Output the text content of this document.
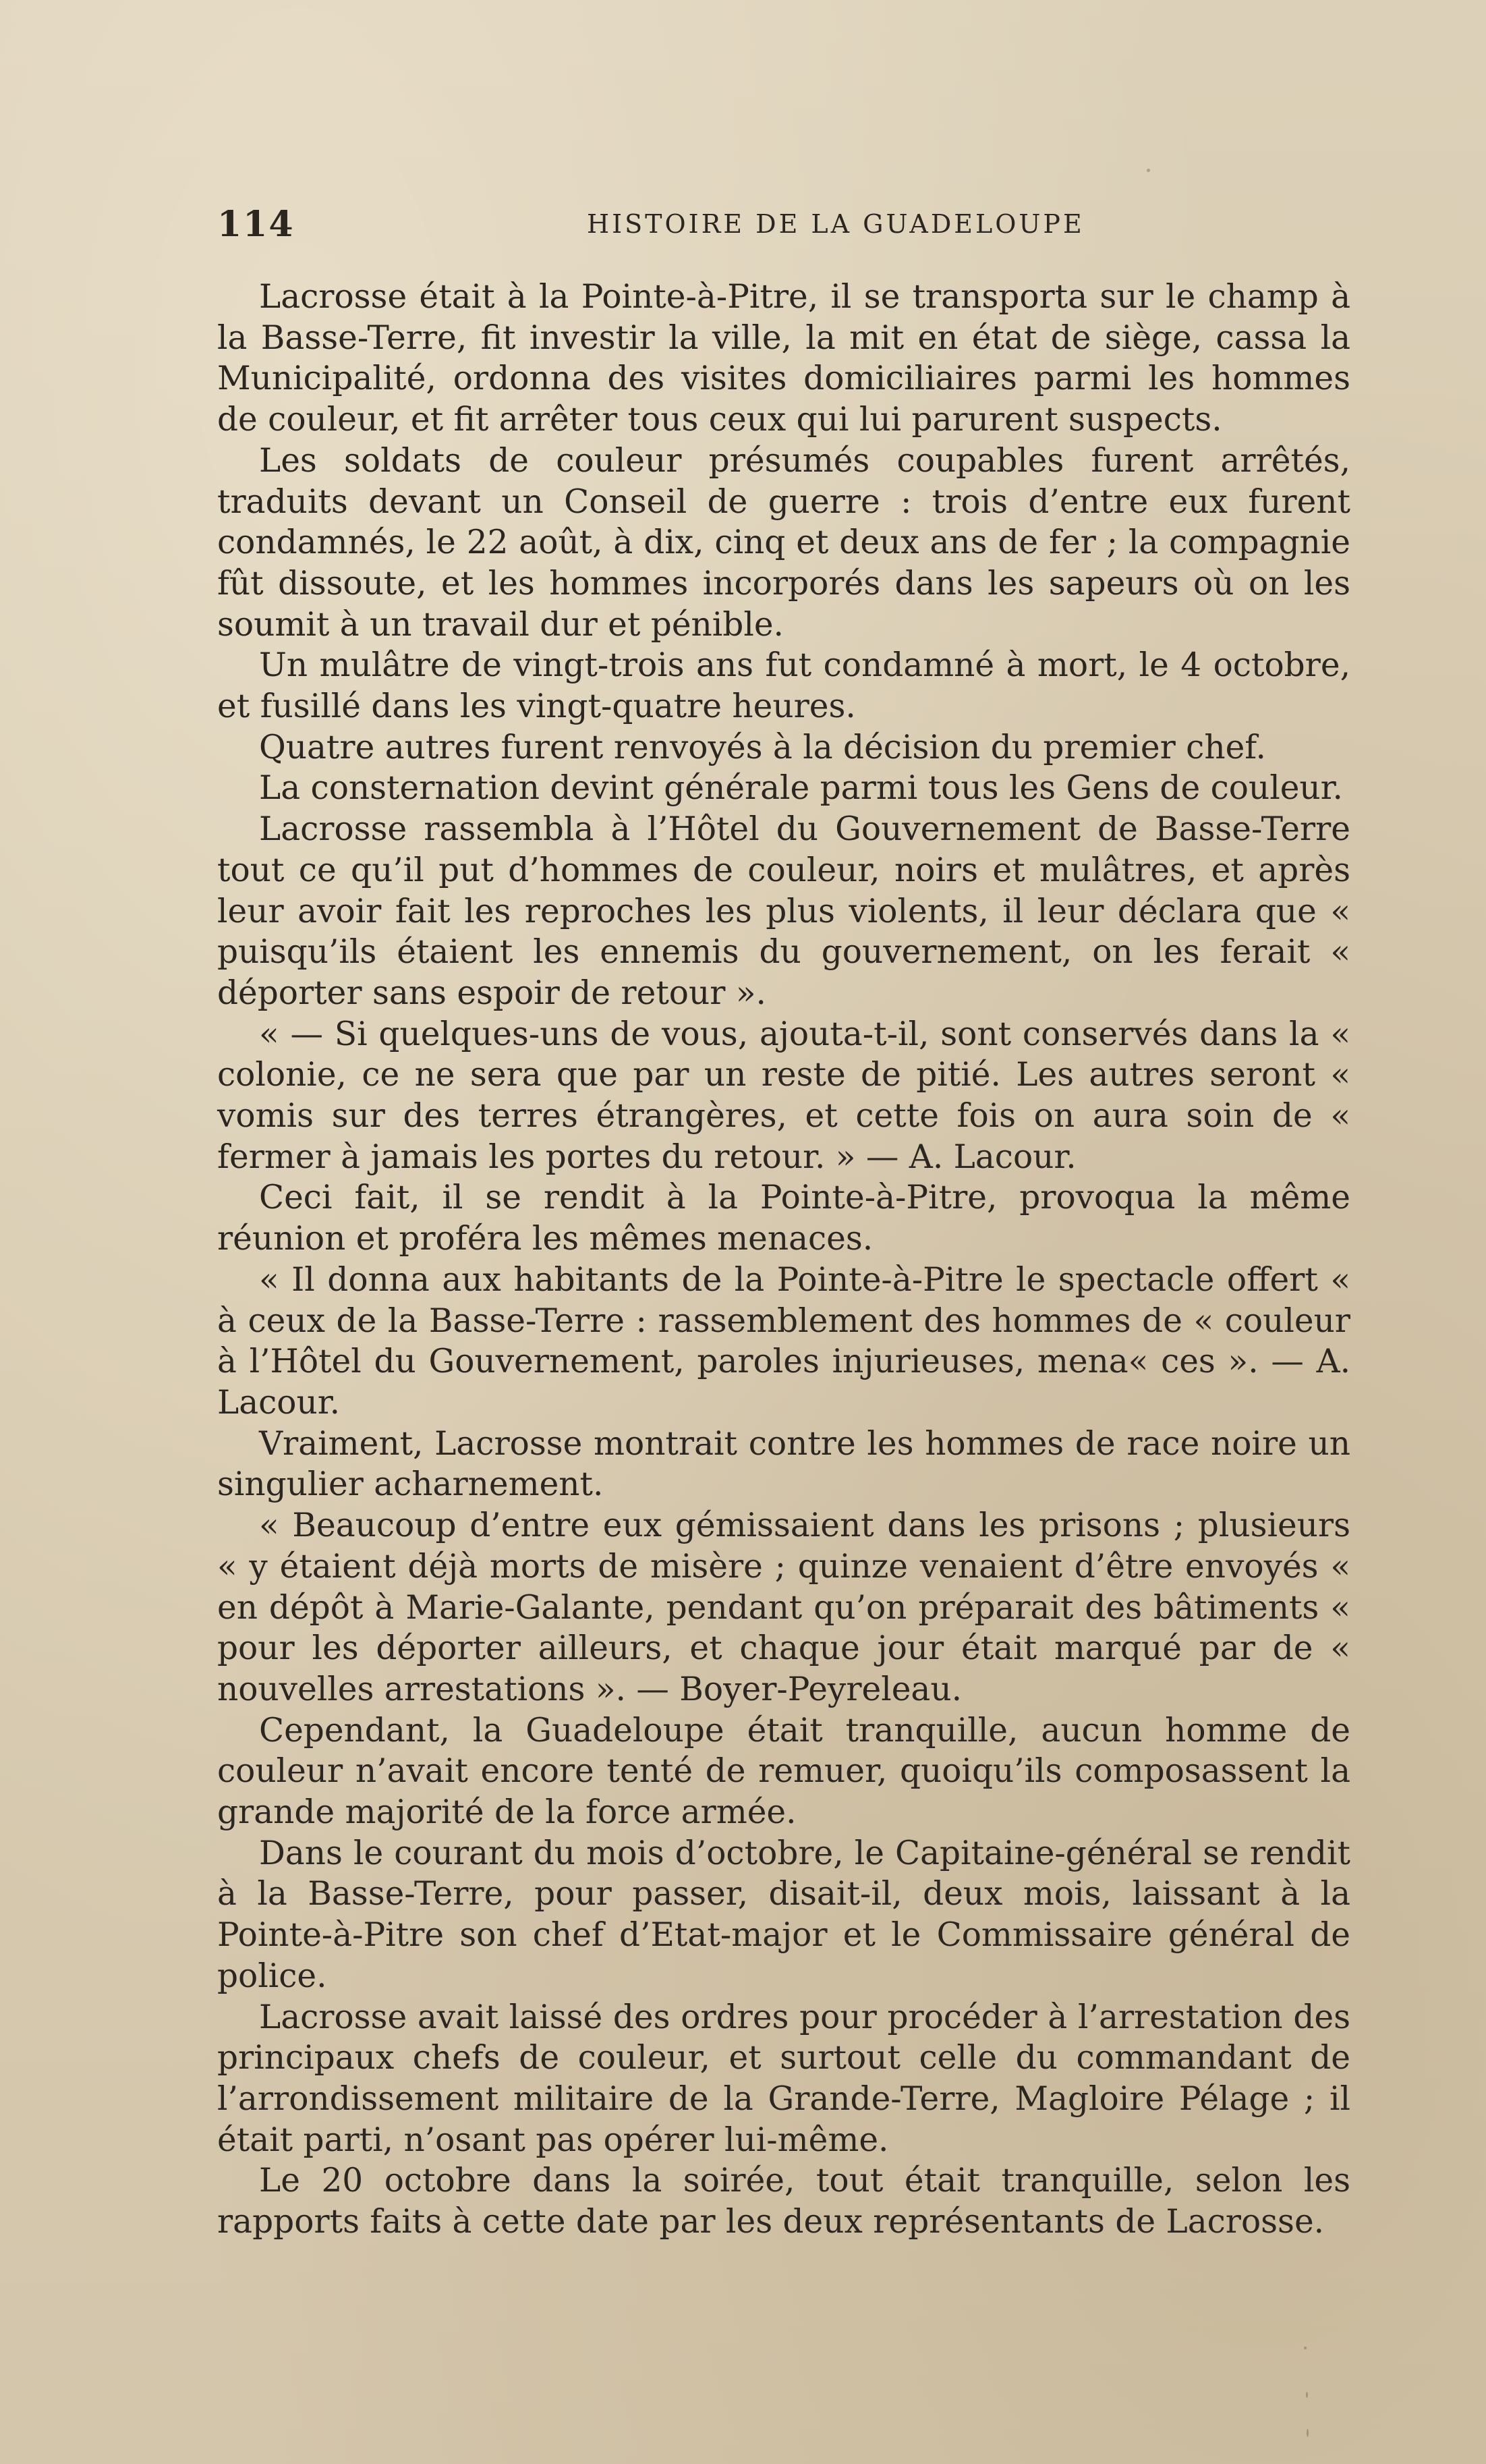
114	HISTOIRE DE LA GUADELOUPE

Lacrosse était à la Pointe-à-Pitre, il se transporta sur le champ à la Basse-Terre, fit investir la ville, la mit en état de siège, cassa la Municipalité, ordonna des visites domiciliaires parmi les hommes de couleur, et fit arrêter tous ceux qui lui parurent suspects.

Les soldats de couleur présumés coupables furent arrêtés, traduits devant un Conseil de guerre : trois d’entre eux furent condamnés, le 22 août, à dix, cinq et deux ans de fer ; la compagnie fût dissoute, et les hommes incorporés dans les sapeurs où on les soumit à un travail dur et pénible.

Un mulâtre de vingt-trois ans fut condamné à mort, le 4 octobre, et fusillé dans les vingt-quatre heures.

Quatre autres furent renvoyés à la décision du premier chef.

La consternation devint générale parmi tous les Gens de couleur.

Lacrosse rassembla à l’Hôtel du Gouvernement de Basse-Terre tout ce qu’il put d’hommes de couleur, noirs et mulâtres, et après leur avoir fait les reproches les plus violents, il leur déclara que « puisqu’ils étaient les ennemis du gouvernement, on les ferait « déporter sans espoir de retour ».

« — Si quelques-uns de vous, ajouta-t-il, sont conservés dans la « colonie, ce ne sera que par un reste de pitié. Les autres seront « vomis sur des terres étrangères, et cette fois on aura soin de « fermer à jamais les portes du retour. » — A. Lacour.

Ceci fait, il se rendit à la Pointe-à-Pitre, provoqua la même réunion et proféra les mêmes menaces.

« Il donna aux habitants de la Pointe-à-Pitre le spectacle offert « à ceux de la Basse-Terre : rassemblement des hommes de « couleur à l’Hôtel du Gouvernement, paroles injurieuses, mena« ces ». — A. Lacour.

Vraiment, Lacrosse montrait contre les hommes de race noire un singulier acharnement.

« Beaucoup d’entre eux gémissaient dans les prisons ; plusieurs « y étaient déjà morts de misère ; quinze venaient d’être envoyés « en dépôt à Marie-Galante, pendant qu’on préparait des bâtiments « pour les déporter ailleurs, et chaque jour était marqué par de « nouvelles arrestations ». — Boyer-Peyreleau.

Cependant, la Guadeloupe était tranquille, aucun homme de couleur n’avait encore tenté de remuer, quoiqu’ils composassent la grande majorité de la force armée.

Dans le courant du mois d’octobre, le Capitaine-général se rendit à la Basse-Terre, pour passer, disait-il, deux mois, laissant à la Pointe-à-Pitre son chef d’Etat-major et le Commissaire général de police.

Lacrosse avait laissé des ordres pour procéder à l’arrestation des principaux chefs de couleur, et surtout celle du commandant de l’arrondissement militaire de la Grande-Terre, Magloire Pélage ; il était parti, n’osant pas opérer lui-même.

Le 20 octobre dans la soirée, tout était tranquille, selon les rapports faits à cette date par les deux représentants de Lacrosse.
